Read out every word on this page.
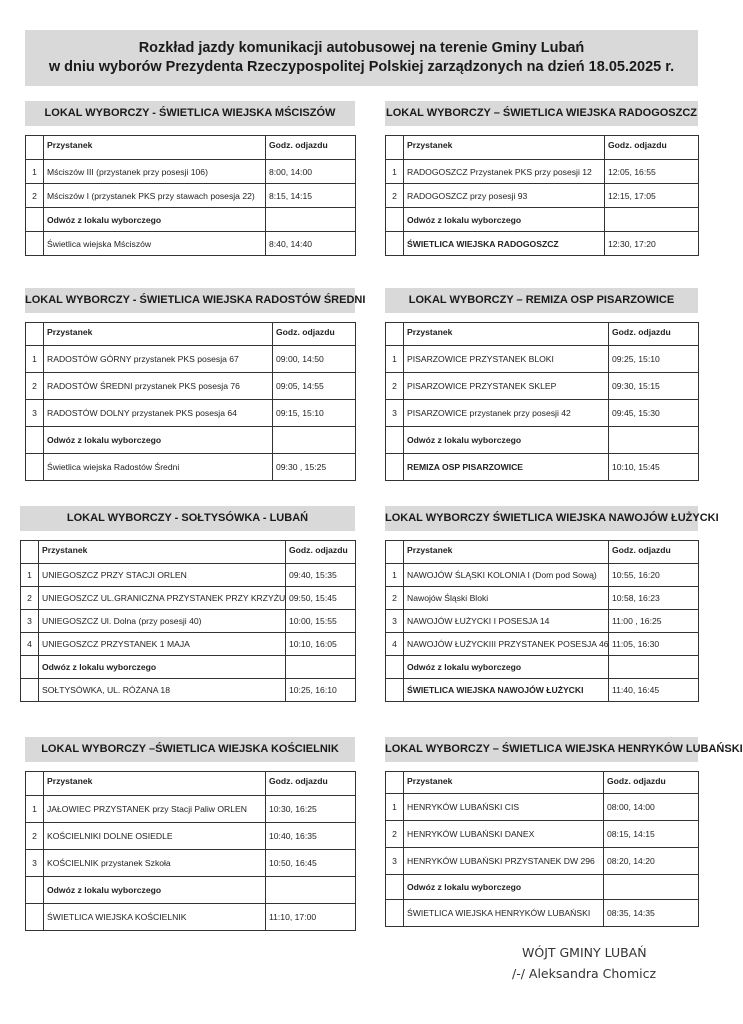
Rozkład jazdy komunikacji autobusowej na terenie Gminy Lubań
w dniu wyborów Prezydenta Rzeczypospolitej Polskiej zarządzonych na dzień 18.05.2025 r.
LOKAL WYBORCZY - ŚWIETLICA WIEJSKA MŚCISZÓW
	Przystanek	Godz. odjazdu
1	Mściszów III (przystanek przy posesji 106)	8:00, 14:00
2	Mściszów I (przystanek PKS przy stawach posesja 22)	8:15, 14:15
	Odwóz z lokalu wyborczego	
	Świetlica wiejska Mściszów	8:40, 14:40
LOKAL WYBORCZY – ŚWIETLICA WIEJSKA RADOGOSZCZ
	Przystanek	Godz. odjazdu
1	RADOGOSZCZ Przystanek PKS przy posesji 12	12:05, 16:55
2	RADOGOSZCZ przy posesji 93	12:15, 17:05
	Odwóz z lokalu wyborczego	
	ŚWIETLICA WIEJSKA RADOGOSZCZ	12:30, 17:20
LOKAL WYBORCZY - ŚWIETLICA WIEJSKA RADOSTÓW ŚREDNI
	Przystanek	Godz. odjazdu
1	RADOSTÓW GÓRNY przystanek PKS posesja 67	09:00, 14:50
2	RADOSTÓW ŚREDNI przystanek PKS posesja 76	09:05, 14:55
3	RADOSTÓW DOLNY przystanek PKS posesja 64	09:15, 15:10
	Odwóz z lokalu wyborczego	
	Świetlica wiejska Radostów Średni	09:30 , 15:25
LOKAL WYBORCZY – REMIZA OSP PISARZOWICE
	Przystanek	Godz. odjazdu
1	PISARZOWICE PRZYSTANEK BLOKI	09:25, 15:10
2	PISARZOWICE PRZYSTANEK SKLEP	09:30, 15:15
3	PISARZOWICE przystanek przy posesji 42	09:45, 15:30
	Odwóz z lokalu wyborczego	
	REMIZA OSP PISARZOWICE	10:10, 15:45
LOKAL WYBORCZY - SOŁTYSÓWKA - LUBAŃ
	Przystanek	Godz. odjazdu
1	UNIEGOSZCZ PRZY STACJI ORLEN	09:40, 15:35
2	UNIEGOSZCZ UL.GRANICZNA PRZYSTANEK PRZY KRZYŻU	09:50, 15:45
3	UNIEGOSZCZ Ul. Dolna (przy posesji 40)	10:00, 15:55
4	UNIEGOSZCZ PRZYSTANEK 1 MAJA	10:10, 16:05
	Odwóz z lokalu wyborczego	
	SOŁTYSÓWKA, UL. RÓŻANA 18	10:25, 16:10
LOKAL WYBORCZY ŚWIETLICA WIEJSKA NAWOJÓW ŁUŻYCKI
	Przystanek	Godz. odjazdu
1	NAWOJÓW ŚLĄSKI KOLONIA I (Dom pod Sową)	10:55, 16:20
2	Nawojów Śląski Bloki	10:58, 16:23
3	NAWOJÓW ŁUŻYCKI I POSESJA 14	11:00 , 16:25
4	NAWOJÓW ŁUŻYCKIII PRZYSTANEK POSESJA 46	11:05, 16:30
	Odwóz z lokalu wyborczego	
	ŚWIETLICA WIEJSKA NAWOJÓW ŁUŻYCKI	11:40, 16:45
LOKAL WYBORCZY –ŚWIETLICA WIEJSKA KOŚCIELNIK
	Przystanek	Godz. odjazdu
1	JAŁOWIEC PRZYSTANEK przy Stacji Paliw ORLEN	10:30, 16:25
2	KOŚCIELNIKI DOLNE OSIEDLE	10:40, 16:35
3	KOŚCIELNIK przystanek Szkoła	10:50, 16:45
	Odwóz z lokalu wyborczego	
	ŚWIETLICA WIEJSKA KOŚCIELNIK	11:10, 17:00
LOKAL WYBORCZY – ŚWIETLICA WIEJSKA HENRYKÓW LUBAŃSKI
	Przystanek	Godz. odjazdu
1	HENRYKÓW LUBAŃSKI CIS	08:00, 14:00
2	HENRYKÓW LUBAŃSKI DANEX	08:15, 14:15
3	HENRYKÓW LUBAŃSKI PRZYSTANEK DW 296	08:20, 14:20
	Odwóz z lokalu wyborczego	
	ŚWIETLICA WIEJSKA HENRYKÓW LUBAŃSKI	08:35, 14:35
WÓJT GMINY LUBAŃ
/-/ Aleksandra Chomicz
